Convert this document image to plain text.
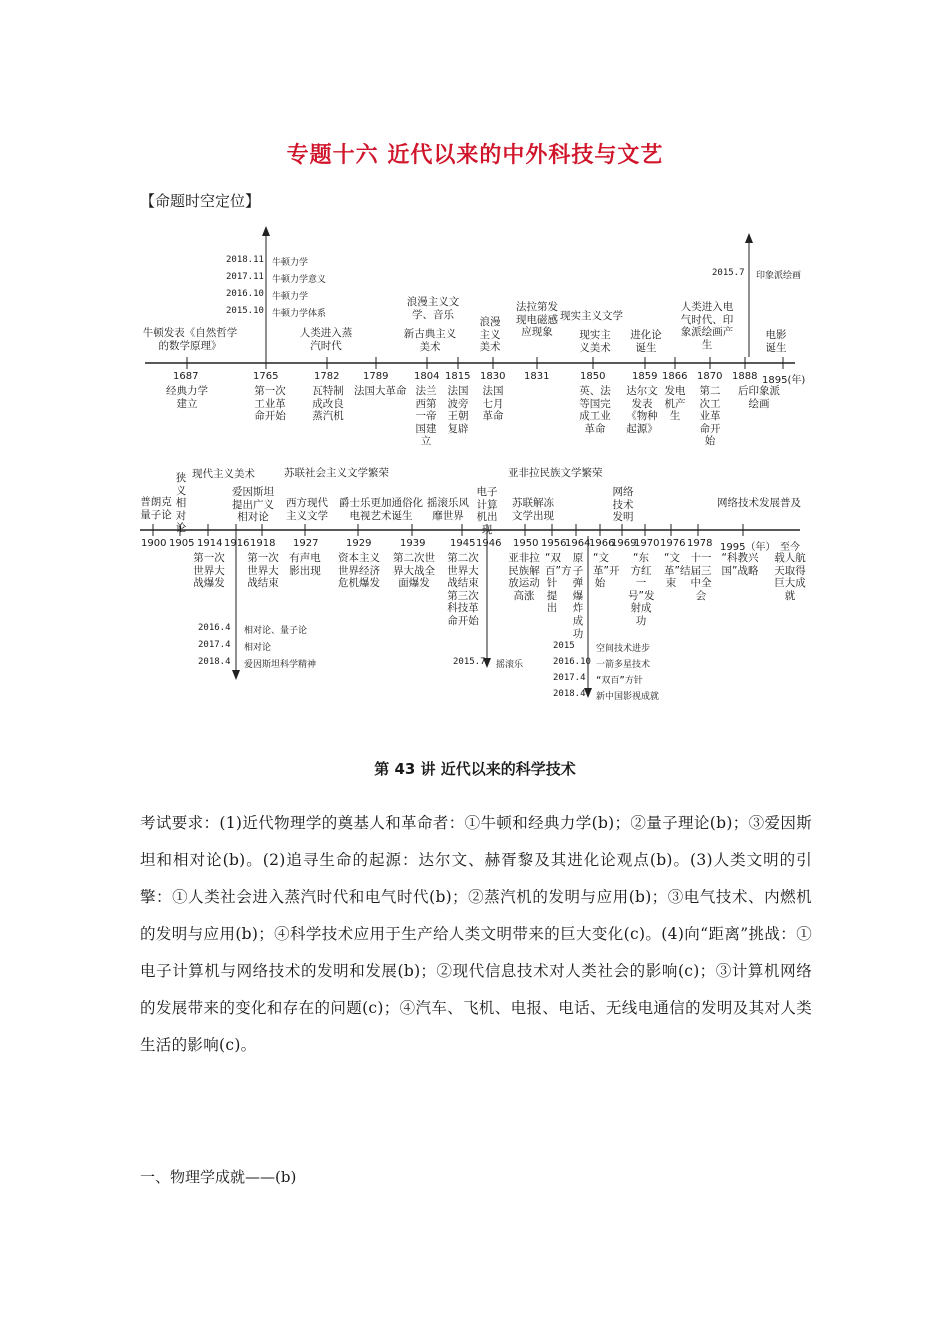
专题十六 近代以来的中外科技与文艺
【命题时空定位】
2018.11 牛顿力学
2017.11 牛顿力学意义
2016.10 牛顿力学
2015.10 牛顿力学体系
2015.7 印象派绘画
牛顿发表《自然哲学的数学原理》
人类进入蒸汽时代
浪漫主义文学、音乐
新古典主义美术
浪漫主义美术
法拉第发现电磁感应现象
现实主义文学
现实主义美术
进化论诞生
人类进入电气时代、印象派绘画产生
电影诞生
1687	1765	1782 1789	1804 1815 1830 1831	1850	1859 1866 1870 1888 1895(年)
经典力学建立
第一次工业革命开始
瓦特制成改良蒸汽机
法国大革命 法兰西第一帝国建立
法国波旁王朝复辟
法国七月革命
英、法等国完成工业革命
达尔文发表《物种起源》
发电机产生
第二次工业革命开始
后印象派绘画
普朗克量子论
狭义相对论
现代主义美术
爱因斯坦提出广义相对论
西方现代主义文学
苏联社会主义文学繁荣
爵士乐更加通俗化电视艺术诞生
摇滚乐风靡世界
电子计算机出现
苏联解冻文学出现
亚非拉民族文学繁荣
网络技术发明
网络技术发展普及
1900 1905 1914 1916 1918 1927	1929	1939 1945 1946 1950 1956
1964
1966
1969
1970 1976 1978 1995（年） 至今
第一次世界大战爆发
第一次世界大战结束
有声电影出现
资本主义世界经济危机爆发
第二次世界大战全面爆发
第二次世界大战结束第三次科技革命开始
亚非拉民族解放运动高涨
“双百”方针提出
原子弹爆炸成功
“文革”开始
“东方红一号”发射成功
“文革”结束
十一届三中全会
“科教兴国”战略
载人航天取得巨大成就
2016.4 相对论、量子论
2017.4 相对论
2018.4 爱因斯坦科学精神	2015.7 摇滚乐
2015 空间技术进步
2016.10 一箭多星技术
2017.4 “双百”方针
2018.4 新中国影视成就
第 43 讲 近代以来的科学技术
考试要求：(1)近代物理学的奠基人和革命者：①牛顿和经典力学(b)；②量子理论(b)；③爱因斯坦和相对论(b)。(2)追寻生命的起源：达尔文、赫胥黎及其进化论观点(b)。(3)人类文明的引擎：①人类社会进入蒸汽时代和电气时代(b)；②蒸汽机的发明与应用(b)；③电气技术、内燃机的发明与应用(b)；④科学技术应用于生产给人类文明带来的巨大变化(c)。(4)向“距离”挑战：①电子计算机与网络技术的发明和发展(b)；②现代信息技术对人类社会的影响(c)；③计算机网络的发展带来的变化和存在的问题(c)；④汽车、飞机、电报、电话、无线电通信的发明及其对人类生活的影响(c)。
一、物理学成就——(b)
